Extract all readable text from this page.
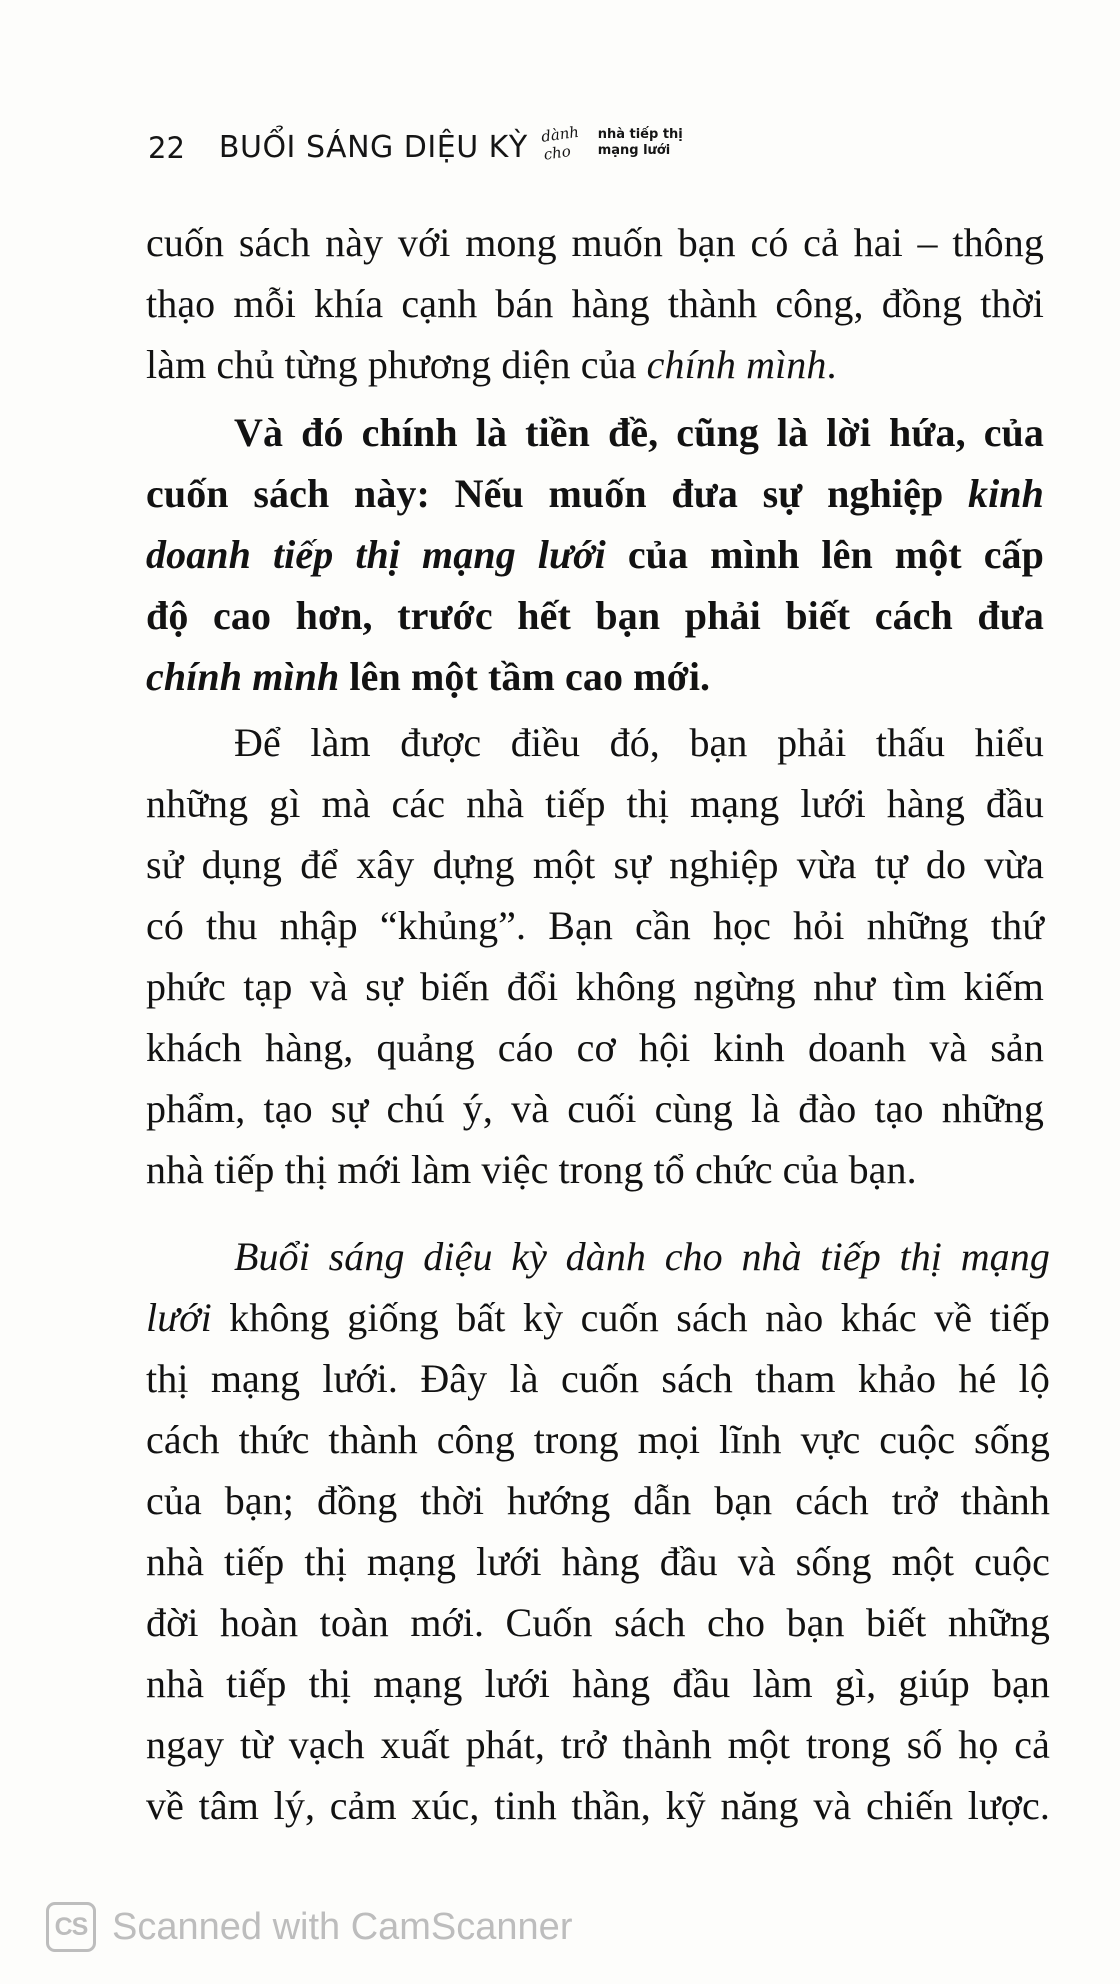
22 BUỔI SÁNG DIỆU KỲ dành
cho
nhà tiếp thị
mạng lưới
cuốn sách này với mong muốn bạn có cả hai – thông
thạo mỗi khía cạnh bán hàng thành công, đồng thời
làm chủ từng phương diện của chính mình.
Và đó chính là tiền đề, cũng là lời hứa, của
cuốn sách này: Nếu muốn đưa sự nghiệp kinh
doanh tiếp thị mạng lưới của mình lên một cấp
độ cao hơn, trước hết bạn phải biết cách đưa
chính mình lên một tầm cao mới.
Để làm được điều đó, bạn phải thấu hiểu
những gì mà các nhà tiếp thị mạng lưới hàng đầu
sử dụng để xây dựng một sự nghiệp vừa tự do vừa
có thu nhập “khủng”. Bạn cần học hỏi những thứ
phức tạp và sự biến đổi không ngừng như tìm kiếm
khách hàng, quảng cáo cơ hội kinh doanh và sản
phẩm, tạo sự chú ý, và cuối cùng là đào tạo những
nhà tiếp thị mới làm việc trong tổ chức của bạn.
Buổi sáng diệu kỳ dành cho nhà tiếp thị mạng
lưới không giống bất kỳ cuốn sách nào khác về tiếp
thị mạng lưới. Đây là cuốn sách tham khảo hé lộ
cách thức thành công trong mọi lĩnh vực cuộc sống
của bạn; đồng thời hướng dẫn bạn cách trở thành
nhà tiếp thị mạng lưới hàng đầu và sống một cuộc
đời hoàn toàn mới. Cuốn sách cho bạn biết những
nhà tiếp thị mạng lưới hàng đầu làm gì, giúp bạn
ngay từ vạch xuất phát, trở thành một trong số họ cả
về tâm lý, cảm xúc, tinh thần, kỹ năng và chiến lược.
CS Scanned with CamScanner
